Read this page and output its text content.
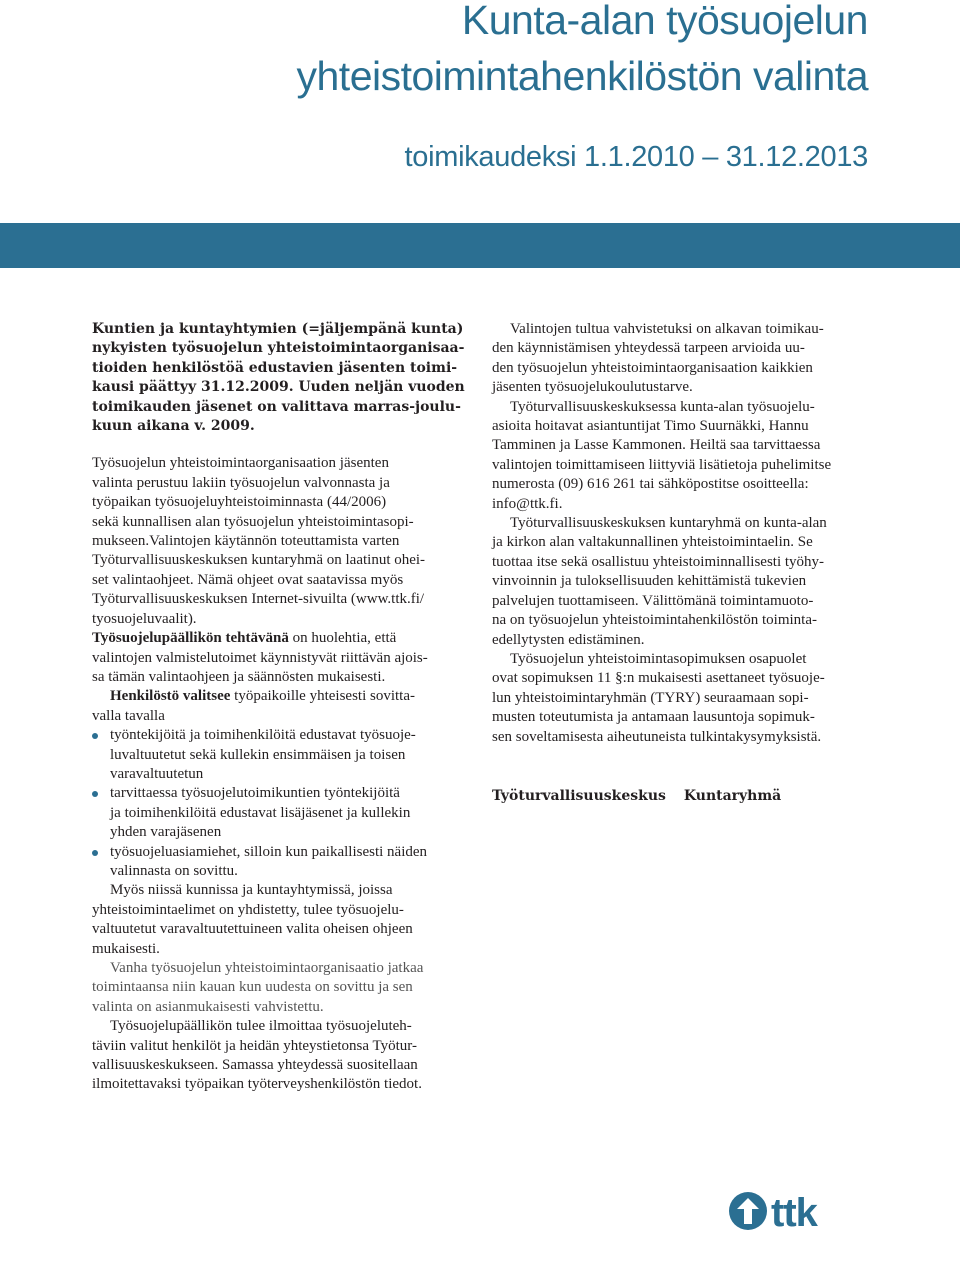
Kunta-alan työsuojelun
yhteistoimintahenkilöstön valinta
toimikaudeksi 1.1.2010 – 31.12.2013
Kuntien ja kuntayhtymien (=jäljempänä kunta)
nykyisten työsuojelun yhteistoimintaorganisaa-
tioiden henkilöstöä edustavien jäsenten toimi-
kausi päättyy 31.12.2009. Uuden neljän vuoden
toimikauden jäsenet on valittava marras-joulu-
kuun aikana v. 2009.
Työsuojelun yhteistoimintaorganisaation jäsenten
valinta perustuu lakiin työsuojelun valvonnasta ja
työpaikan työsuojeluyhteistoiminnasta (44/2006)
sekä kunnallisen alan työsuojelun yhteistoimintasopi-
mukseen.Valintojen käytännön toteuttamista varten
Työturvallisuuskeskuksen kuntaryhmä on laatinut ohei-
set valintaohjeet. Nämä ohjeet ovat saatavissa myös
Työturvallisuuskeskuksen Internet-sivuilta (www.ttk.fi/
tyosuojeluvaalit).
Työsuojelupäällikön tehtävänä on huolehtia, että
valintojen valmistelutoimet käynnistyvät riittävän ajois-
sa tämän valintaohjeen ja säännösten mukaisesti.
Henkilöstö valitsee työpaikoille yhteisesti sovitta-
valla tavalla
työntekijöitä ja toimihenkilöitä edustavat työsuoje-
luvaltuutetut sekä kullekin ensimmäisen ja toisen
varavaltuutetun
tarvittaessa työsuojelutoimikuntien työntekijöitä
ja toimihenkilöitä edustavat lisäjäsenet ja kullekin
yhden varajäsenen
työsuojeluasiamiehet, silloin kun paikallisesti näiden
valinnasta on sovittu.
Myös niissä kunnissa ja kuntayhtymissä, joissa
yhteistoimintaelimet on yhdistetty, tulee työsuojelu-
valtuutetut varavaltuutettuineen valita oheisen ohjeen
mukaisesti.
Vanha työsuojelun yhteistoimintaorganisaatio jatkaa
toimintaansa niin kauan kun uudesta on sovittu ja sen
valinta on asianmukaisesti vahvistettu.
Työsuojelupäällikön tulee ilmoittaa työsuojeluteh-
täviin valitut henkilöt ja heidän yhteystietonsa Työtur-
vallisuuskeskukseen. Samassa yhteydessä suositellaan
ilmoitettavaksi työpaikan työterveyshenkilöstön tiedot.
Valintojen tultua vahvistetuksi on alkavan toimikau-
den käynnistämisen yhteydessä tarpeen arvioida uu-
den työsuojelun yhteistoimintaorganisaation kaikkien
jäsenten työsuojelukoulutustarve.
Työturvallisuuskeskuksessa kunta-alan työsuojelu-
asioita hoitavat asiantuntijat Timo Suurnäkki, Hannu
Tamminen ja Lasse Kammonen. Heiltä saa tarvittaessa
valintojen toimittamiseen liittyviä lisätietoja puhelimitse
numerosta (09) 616 261 tai sähköpostitse osoitteella:
info@ttk.fi.
Työturvallisuuskeskuksen kuntaryhmä on kunta-alan
ja kirkon alan valtakunnallinen yhteistoimintaelin. Se
tuottaa itse sekä osallistuu yhteistoiminnallisesti työhy-
vinvoinnin ja tuloksellisuuden kehittämistä tukevien
palvelujen tuottamiseen. Välittömänä toimintamuoto-
na on työsuojelun yhteistoimintahenkilöstön toiminta-
edellytysten edistäminen.
Työsuojelun yhteistoimintasopimuksen osapuolet
ovat sopimuksen 11 §:n mukaisesti asettaneet työsuoje-
lun yhteistoimintaryhmän (TYRY) seuraamaan sopi-
musten toteutumista ja antamaan lausuntoja sopimuk-
sen soveltamisesta aiheutuneista tulkintakysymyksistä.
Työturvallisuuskeskus Kuntaryhmä
ttk
